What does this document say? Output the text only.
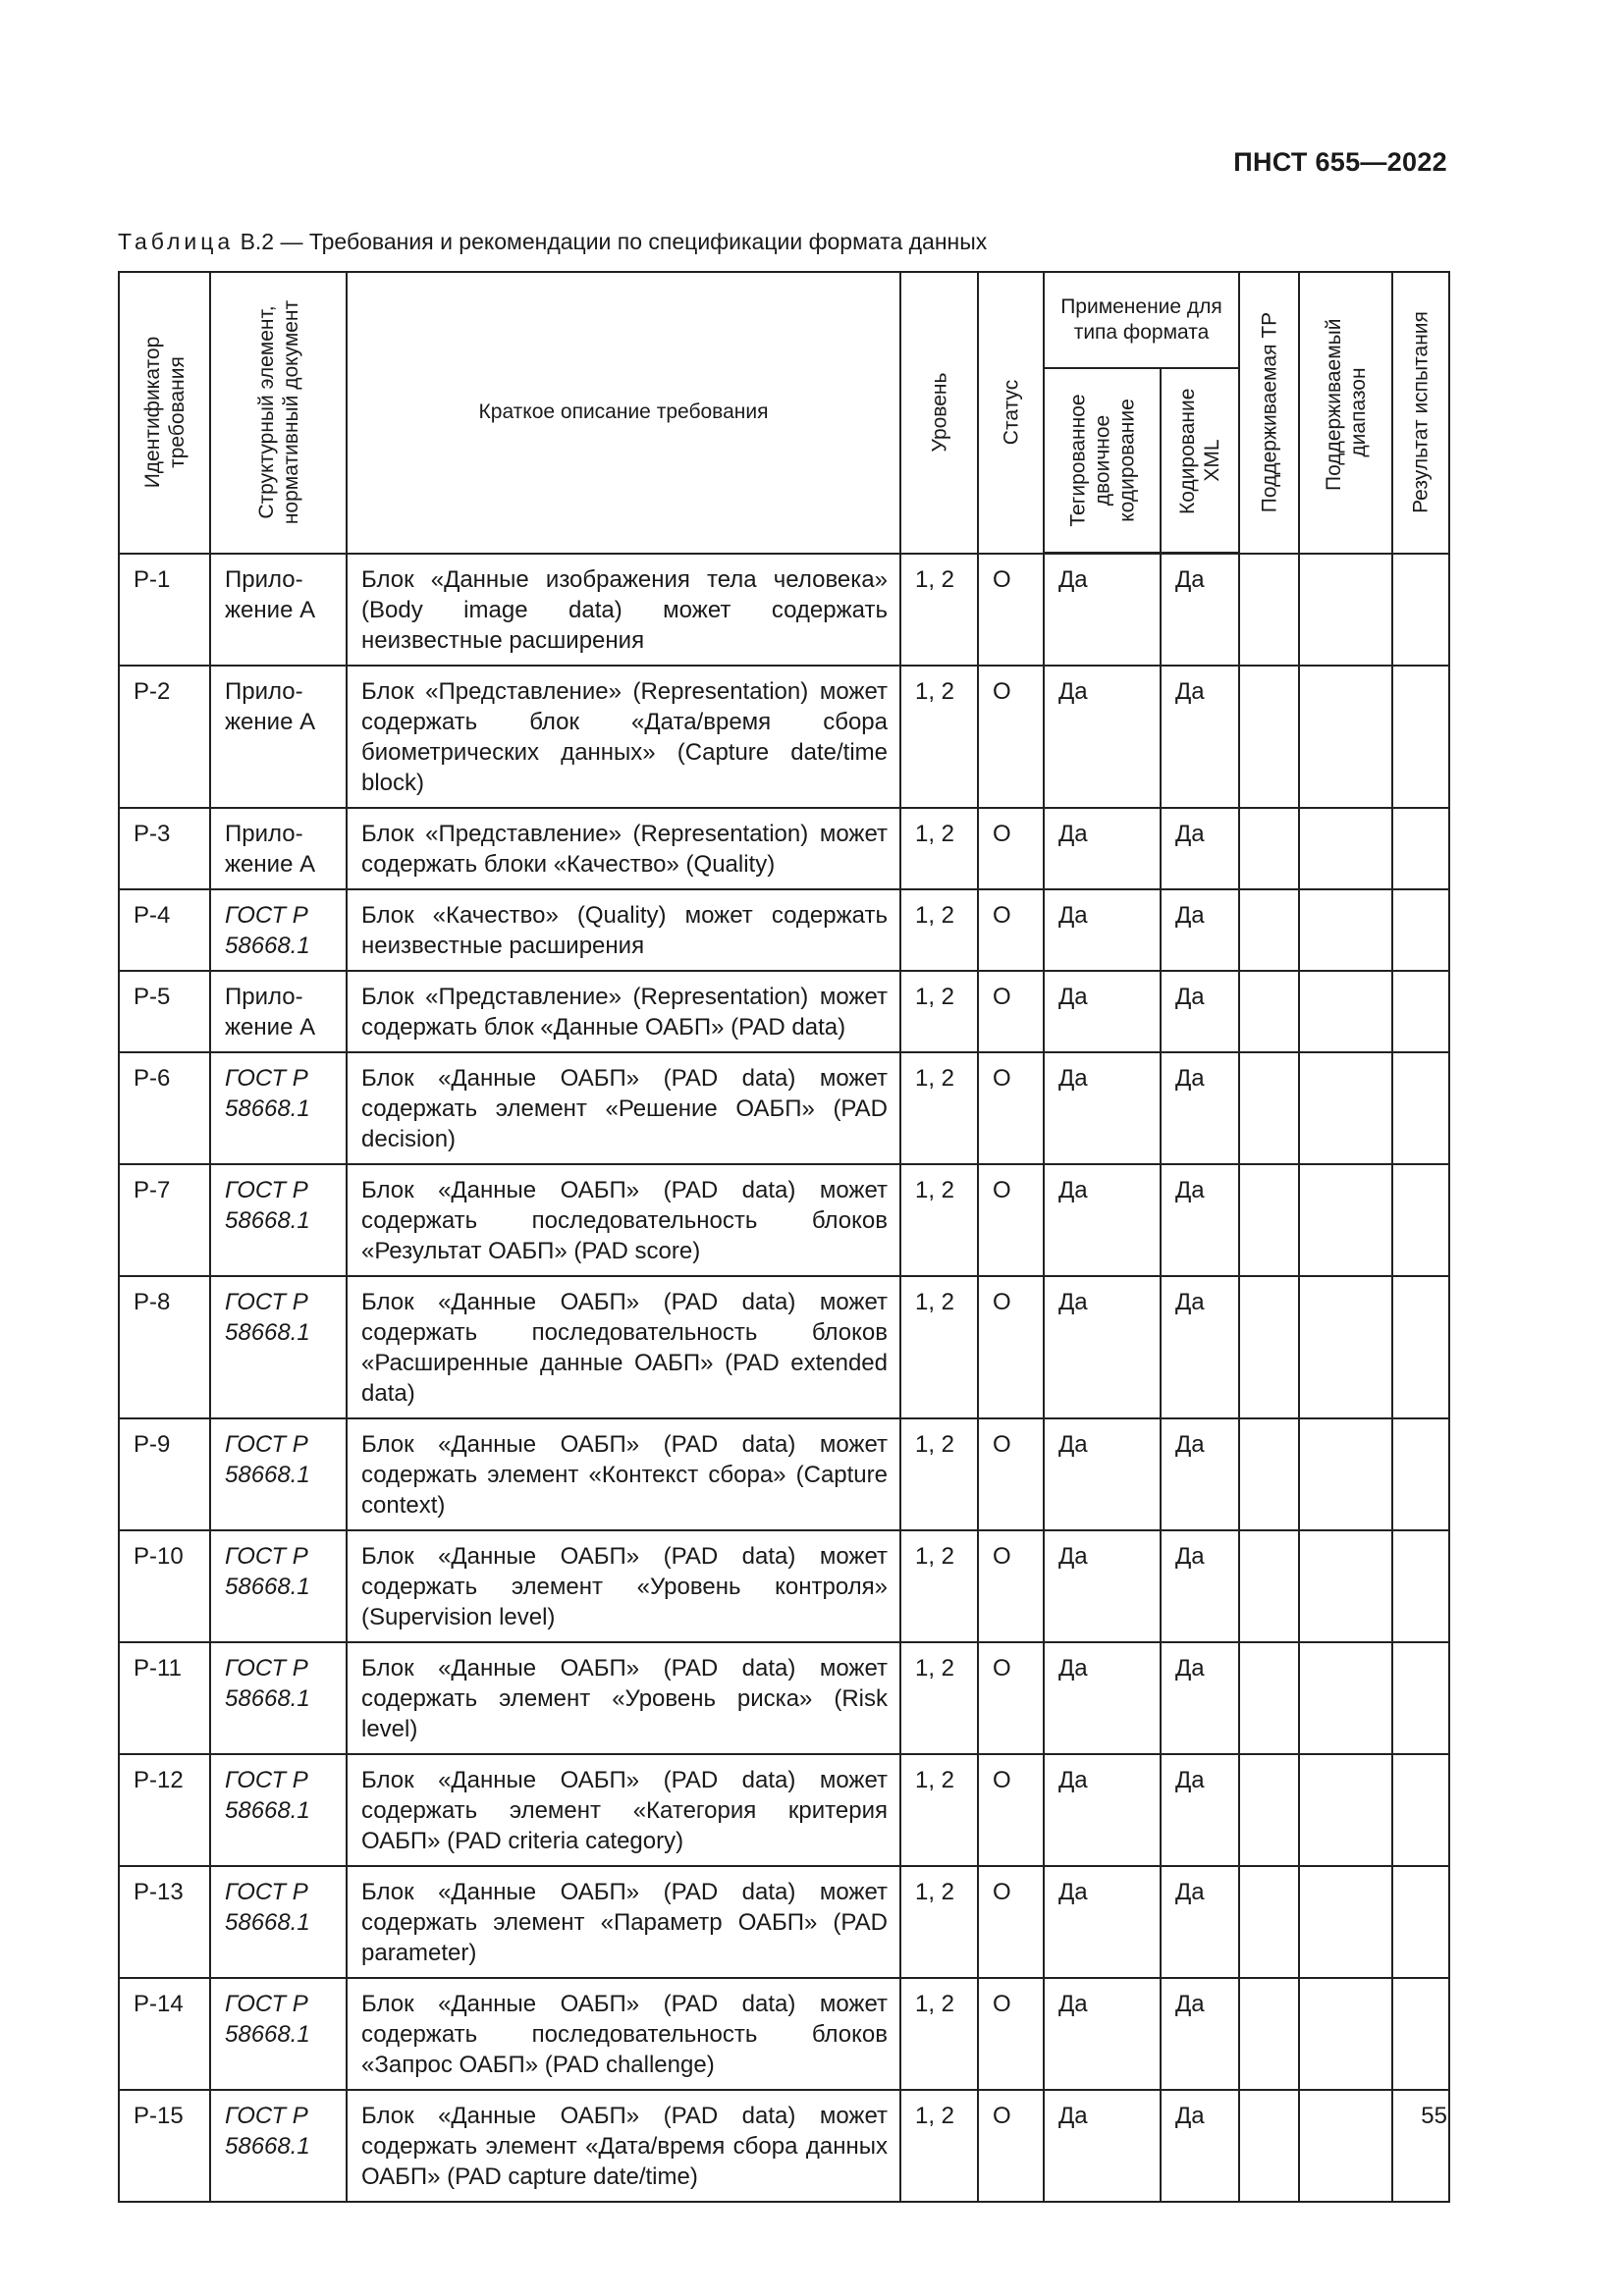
ПНСТ 655—2022
Таблица В.2 — Требования и рекомендации по спецификации формата данных
Идентификатор требования	Структурный элемент, нормативный документ	Краткое описание требования	Уровень	Статус	Применение для типа формата		Поддерживаемая ТР	Поддерживаемый диапазон	Результат испытания

					Тегированное двоичное кодирование	Кодирование XML			

P-1	Прило-жение А	Блок «Данные изображения тела человека» (Body image data) может содержать неизвестные расширения	1, 2	О	Да	Да			
P-2	Прило-жение А	Блок «Представление» (Representation) может содержать блок «Дата/время сбора биометрических данных» (Capture date/time block)	1, 2	О	Да	Да			
P-3	Прило-жение А	Блок «Представление» (Representation) может содержать блоки «Качество» (Quality)	1, 2	О	Да	Да			
P-4	ГОСТ Р 58668.1	Блок «Качество» (Quality) может содержать неизвестные расширения	1, 2	О	Да	Да			
P-5	Прило-жение А	Блок «Представление» (Representation) может содержать блок «Данные ОАБП» (PAD data)	1, 2	О	Да	Да			
P-6	ГОСТ Р 58668.1	Блок «Данные ОАБП» (PAD data) может содержать элемент «Решение ОАБП» (PAD decision)	1, 2	О	Да	Да			
P-7	ГОСТ Р 58668.1	Блок «Данные ОАБП» (PAD data) может содержать последовательность блоков «Результат ОАБП» (PAD score)	1, 2	О	Да	Да			
P-8	ГОСТ Р 58668.1	Блок «Данные ОАБП» (PAD data) может содержать последовательность блоков «Расширенные данные ОАБП» (PAD extended data)	1, 2	О	Да	Да			
P-9	ГОСТ Р 58668.1	Блок «Данные ОАБП» (PAD data) может содержать элемент «Контекст сбора» (Capture context)	1, 2	О	Да	Да			
P-10	ГОСТ Р 58668.1	Блок «Данные ОАБП» (PAD data) может содержать элемент «Уровень контроля» (Supervision level)	1, 2	О	Да	Да			
P-11	ГОСТ Р 58668.1	Блок «Данные ОАБП» (PAD data) может содержать элемент «Уровень риска» (Risk level)	1, 2	О	Да	Да			
P-12	ГОСТ Р 58668.1	Блок «Данные ОАБП» (PAD data) может содержать элемент «Категория критерия ОАБП» (PAD criteria category)	1, 2	О	Да	Да			
P-13	ГОСТ Р 58668.1	Блок «Данные ОАБП» (PAD data) может содержать элемент «Параметр ОАБП» (PAD parameter)	1, 2	О	Да	Да			
P-14	ГОСТ Р 58668.1	Блок «Данные ОАБП» (PAD data) может содержать последовательность блоков «Запрос ОАБП» (PAD challenge)	1, 2	О	Да	Да			
P-15	ГОСТ Р 58668.1	Блок «Данные ОАБП» (PAD data) может содержать элемент «Дата/время сбора данных ОАБП» (PAD capture date/time)	1, 2	О	Да	Да				55
